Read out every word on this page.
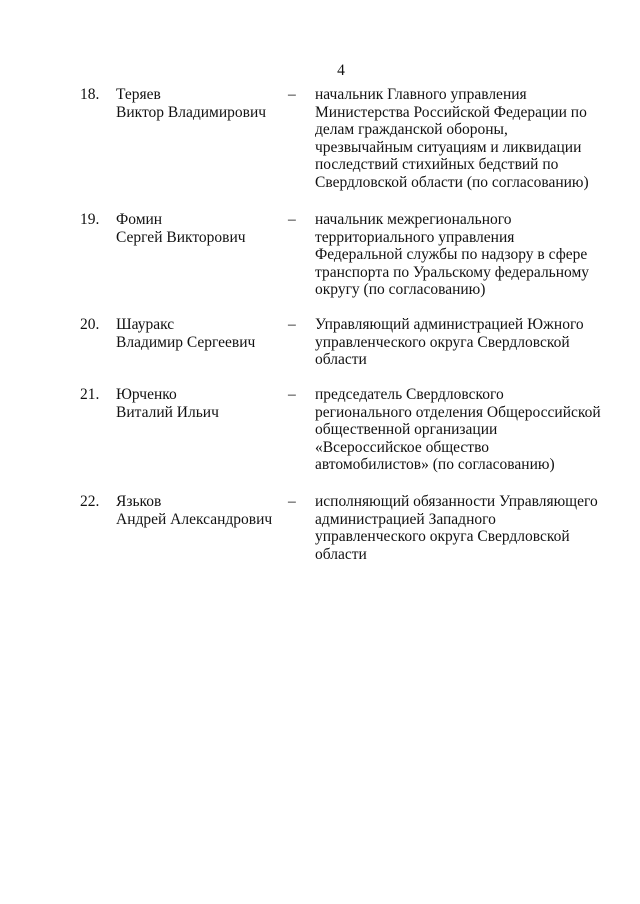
4
18. Теряев
Виктор Владимирович
– начальник Главного управления
Министерства Российской Федерации по
делам гражданской обороны,
чрезвычайным ситуациям и ликвидации
последствий стихийных бедствий по
Свердловской области (по согласованию)
19. Фомин
Сергей Викторович
– начальник межрегионального
территориального управления
Федеральной службы по надзору в сфере
транспорта по Уральскому федеральному
округу (по согласованию)
20. Шауракс
Владимир Сергеевич
– Управляющий администрацией Южного
управленческого округа Свердловской
области
21. Юрченко
Виталий Ильич
– председатель Свердловского
регионального отделения Общероссийской
общественной организации
«Всероссийское общество
автомобилистов» (по согласованию)
22. Язьков
Андрей Александрович
– исполняющий обязанности Управляющего
администрацией Западного
управленческого округа Свердловской
области
